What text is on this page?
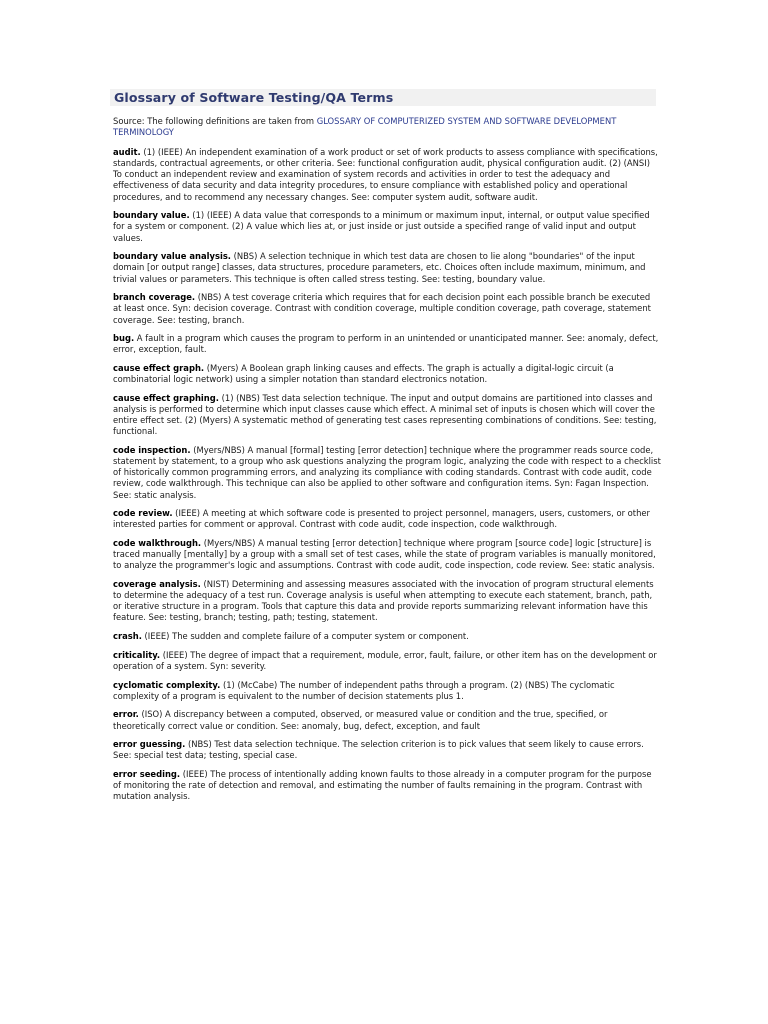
Glossary of Software Testing/QA Terms
Source: The following definitions are taken from GLOSSARY OF COMPUTERIZED SYSTEM AND SOFTWARE DEVELOPMENT TERMINOLOGY
audit. (1) (IEEE) An independent examination of a work product or set of work products to assess compliance with specifications, standards, contractual agreements, or other criteria. See: functional configuration audit, physical configuration audit. (2) (ANSI) To conduct an independent review and examination of system records and activities in order to test the adequacy and effectiveness of data security and data integrity procedures, to ensure compliance with established policy and operational procedures, and to recommend any necessary changes. See: computer system audit, software audit.
boundary value. (1) (IEEE) A data value that corresponds to a minimum or maximum input, internal, or output value specified for a system or component. (2) A value which lies at, or just inside or just outside a specified range of valid input and output values.
boundary value analysis. (NBS) A selection technique in which test data are chosen to lie along "boundaries" of the input domain [or output range] classes, data structures, procedure parameters, etc. Choices often include maximum, minimum, and trivial values or parameters. This technique is often called stress testing. See: testing, boundary value.
branch coverage. (NBS) A test coverage criteria which requires that for each decision point each possible branch be executed at least once. Syn: decision coverage. Contrast with condition coverage, multiple condition coverage, path coverage, statement coverage. See: testing, branch.
bug. A fault in a program which causes the program to perform in an unintended or unanticipated manner. See: anomaly, defect, error, exception, fault.
cause effect graph. (Myers) A Boolean graph linking causes and effects. The graph is actually a digital-logic circuit (a combinatorial logic network) using a simpler notation than standard electronics notation.
cause effect graphing. (1) (NBS) Test data selection technique. The input and output domains are partitioned into classes and analysis is performed to determine which input classes cause which effect. A minimal set of inputs is chosen which will cover the entire effect set. (2) (Myers) A systematic method of generating test cases representing combinations of conditions. See: testing, functional.
code inspection. (Myers/NBS) A manual [formal] testing [error detection] technique where the programmer reads source code, statement by statement, to a group who ask questions analyzing the program logic, analyzing the code with respect to a checklist of historically common programming errors, and analyzing its compliance with coding standards. Contrast with code audit, code review, code walkthrough. This technique can also be applied to other software and configuration items. Syn: Fagan Inspection. See: static analysis.
code review. (IEEE) A meeting at which software code is presented to project personnel, managers, users, customers, or other interested parties for comment or approval. Contrast with code audit, code inspection, code walkthrough.
code walkthrough. (Myers/NBS) A manual testing [error detection] technique where program [source code] logic [structure] is traced manually [mentally] by a group with a small set of test cases, while the state of program variables is manually monitored, to analyze the programmer's logic and assumptions. Contrast with code audit, code inspection, code review. See: static analysis.
coverage analysis. (NIST) Determining and assessing measures associated with the invocation of program structural elements to determine the adequacy of a test run. Coverage analysis is useful when attempting to execute each statement, branch, path, or iterative structure in a program. Tools that capture this data and provide reports summarizing relevant information have this feature. See: testing, branch; testing, path; testing, statement.
crash. (IEEE) The sudden and complete failure of a computer system or component.
criticality. (IEEE) The degree of impact that a requirement, module, error, fault, failure, or other item has on the development or operation of a system. Syn: severity.
cyclomatic complexity. (1) (McCabe) The number of independent paths through a program. (2) (NBS) The cyclomatic complexity of a program is equivalent to the number of decision statements plus 1.
error. (ISO) A discrepancy between a computed, observed, or measured value or condition and the true, specified, or theoretically correct value or condition. See: anomaly, bug, defect, exception, and fault
error guessing. (NBS) Test data selection technique. The selection criterion is to pick values that seem likely to cause errors. See: special test data; testing, special case.
error seeding. (IEEE) The process of intentionally adding known faults to those already in a computer program for the purpose of monitoring the rate of detection and removal, and estimating the number of faults remaining in the program. Contrast with mutation analysis.
